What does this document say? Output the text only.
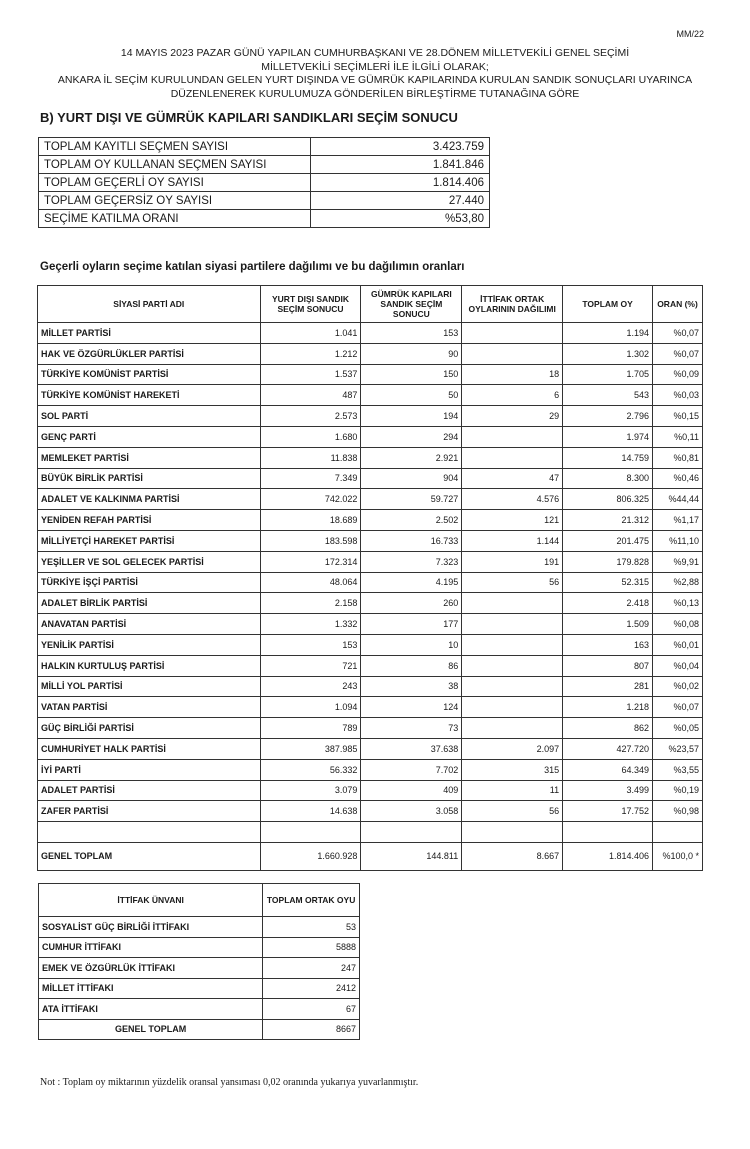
MM/22
14 MAYIS 2023 PAZAR GÜNÜ YAPILAN CUMHURBAŞKANI VE 28.DÖNEM MİLLETVEKİLİ GENEL SEÇİMİ
MİLLETVEKİLİ SEÇİMLERİ İLE İLGİLİ OLARAK;
ANKARA İL SEÇİM KURULUNDAN GELEN YURT DIŞINDA VE GÜMRÜK KAPILARINDA KURULAN SANDIK SONUÇLARI UYARINCA
DÜZENLENEREK KURULUMUZA GÖNDERİLEN BİRLEŞTİRME TUTANAĞINA GÖRE
B) YURT DIŞI VE GÜMRÜK KAPILARI SANDIKLARI SEÇİM SONUCU
TOPLAM KAYITLI SEÇMEN SAYISI	3.423.759
TOPLAM OY KULLANAN SEÇMEN SAYISI	1.841.846
TOPLAM GEÇERLİ OY SAYISI	1.814.406
TOPLAM GEÇERSİZ OY SAYISI	27.440
SEÇİME KATILMA ORANI	%53,80
Geçerli oyların seçime katılan siyasi partilere dağılımı ve bu dağılımın oranları
SİYASİ PARTİ ADI	YURT DIŞI SANDIK SEÇİM SONUCU	GÜMRÜK KAPILARI SANDIK SEÇİM SONUCU	İTTİFAK ORTAK OYLARININ DAĞILIMI	TOPLAM OY	ORAN (%)
MİLLET PARTİSİ	1.041	153		1.194	%0,07
HAK VE ÖZGÜRLÜKLER PARTİSİ	1.212	90		1.302	%0,07
TÜRKİYE KOMÜNİST PARTİSİ	1.537	150	18	1.705	%0,09
TÜRKİYE KOMÜNİST HAREKETİ	487	50	6	543	%0,03
SOL PARTİ	2.573	194	29	2.796	%0,15
GENÇ PARTİ	1.680	294		1.974	%0,11
MEMLEKET PARTİSİ	11.838	2.921		14.759	%0,81
BÜYÜK BİRLİK PARTİSİ	7.349	904	47	8.300	%0,46
ADALET VE KALKINMA PARTİSİ	742.022	59.727	4.576	806.325	%44,44
YENİDEN REFAH PARTİSİ	18.689	2.502	121	21.312	%1,17
MİLLİYETÇİ HAREKET PARTİSİ	183.598	16.733	1.144	201.475	%11,10
YEŞİLLER VE SOL GELECEK PARTİSİ	172.314	7.323	191	179.828	%9,91
TÜRKİYE İŞÇİ PARTİSİ	48.064	4.195	56	52.315	%2,88
ADALET BİRLİK PARTİSİ	2.158	260		2.418	%0,13
ANAVATAN PARTİSİ	1.332	177		1.509	%0,08
YENİLİK PARTİSİ	153	10		163	%0,01
HALKIN KURTULUŞ PARTİSİ	721	86		807	%0,04
MİLLİ YOL PARTİSİ	243	38		281	%0,02
VATAN PARTİSİ	1.094	124		1.218	%0,07
GÜÇ BİRLİĞİ PARTİSİ	789	73		862	%0,05
CUMHURİYET HALK PARTİSİ	387.985	37.638	2.097	427.720	%23,57
İYİ PARTİ	56.332	7.702	315	64.349	%3,55
ADALET PARTİSİ	3.079	409	11	3.499	%0,19
ZAFER PARTİSİ	14.638	3.058	56	17.752	%0,98

GENEL TOPLAM	1.660.928	144.811	8.667	1.814.406	%100,0 *
İTTİFAK ÜNVANI	TOPLAM ORTAK OYU
SOSYALİST GÜÇ BİRLİĞİ İTTİFAKI	53
CUMHUR İTTİFAKI	5888
EMEK VE ÖZGÜRLÜK İTTİFAKI	247
MİLLET İTTİFAKI	2412
ATA İTTİFAKI	67
GENEL TOPLAM	8667
Not : Toplam oy miktarının yüzdelik oransal yansıması 0,02 oranında yukarıya yuvarlanmıştır.
